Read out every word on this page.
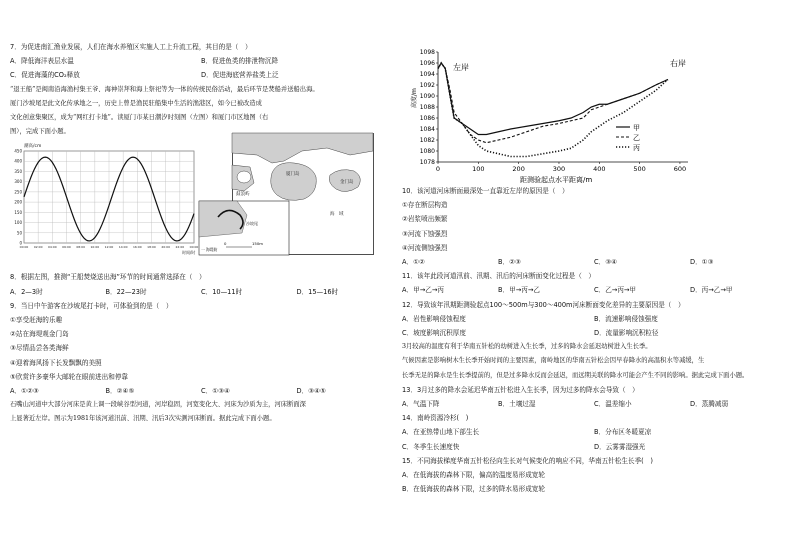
7．为促进南汇渔业发展，人们在海水养殖区实施人工上升流工程，其目的是（　）
A．降低海洋表层水温	B．促进鱼类的排泄物沉降
C．促进海藻的CO₂释放	D．促进海底营养盐类上泛
“退王船”是闽南沿海渔村集王爷、海神崇拜和海上祭祀等为一体的传统民俗活动，最后环节是焚船并送船出海。
厦门沙坡尾是此文化传承地之一，历史上曾是渔民驻船集中生活的渔港区，如今已被改造成
文化创意集聚区，成为“网红打卡地”。读厦门市某日潮汐时刻图（左图）和厦门市区地图（右
图），完成下面小题。
潮高/cm
450
400
350
300
250
200
150
100
50
0
00:00 02:00 04:00 06:00 08:00 10:00 12:00 14:00 16:00 18:00 20:00 22:00 00:00
时间/时
厦门岛
金门岛
鼓浪屿
海　域
沙坡尾
0	150m
一 海堤防
8．根据左图，推测“王船焚烧送出海”环节的时间通常选择在（　）
A．2—3时	B．22—23时	C．10—11时	D．15—16时
9．当日中午游客在沙坡尾打卡时，可体验到的是（　）
①享受赶海的乐趣
②站在海堤观金门岛
③尽情品尝各类海鲜
④迎着海风扬下长发飘飘的美照
⑤欣赏许多豪华大邮轮在眼前进出和停靠
A．①②③	B．②④⑤	C．①③④	D．③④⑤
石嘴山河道中大部分河床是黄上调一段峡谷型河道，河岸稳固，河宽变化大、河床为沙质为主，河床断面深
上显著近左岸。图示为1981年该河道汛前、汛期、汛后3次实测河床断面。据此完成下面小题。
1098
1096
1094
1092
1090
1088
1086
1084
1082
1080
1078
0	100	200	300	400	500	600
高度/m
左岸	右岸
甲
乙
丙
距测验起点水平距离/m
10．该河道河床断面最深处一直靠近左岸的原因是（　）
①存在断层构造
②岩浆喷出频繁
③河流下蚀强烈
④河流侧蚀强烈
A．①②	B．②③	C．③④	D．①③
11．该年此段河道汛前、汛期、汛后的河床断面变化过程是（　）
A．甲→乙→丙	B．甲→丙→乙	C．乙→丙→甲	D．丙→乙→甲
12．导致该年汛期距测验起点100～500m与300～400m河床断面变化差异的主要原因是（　）
A．岩性影响侵蚀程度	B．流速影响侵蚀强度
C．坡度影响沉积厚度	D．流量影响沉积粒径
3月较高的温度有利于华南五针松的幼树进入生长季，过多的降水会延迟幼树进入生长季。
气候因素是影响树木生长季开始时间的主要因素，南岭地区的华南五针松会因早春降水的高温积水等减缓，生
长季无足的降水是生长季提前的，但是过多降水反而会延迟，而远期关联的降水可能会产生不同的影响。据此完成下面小题。
13．3月过多的降水会延迟华南五针松进入生长季，因为过多的降水会导致（　）
A．气温下降	B．土壤过湿	C．温差缩小	D．蒸腾减弱
14．南岭资源冷杉(　)
A．在亚热带山地下部生长	B．分布区冬暖夏凉
C．冬季生长速度快	D．云雾雾湿强光
15．不同海拔梯度华南五针松径向生长对气候变化的响应不同，华南五针松生长季(　)
A．在低海拔的森林下限，偏高的温度易形成宽轮
B．在低海拔的森林下限，过多的降水易形成宽轮
